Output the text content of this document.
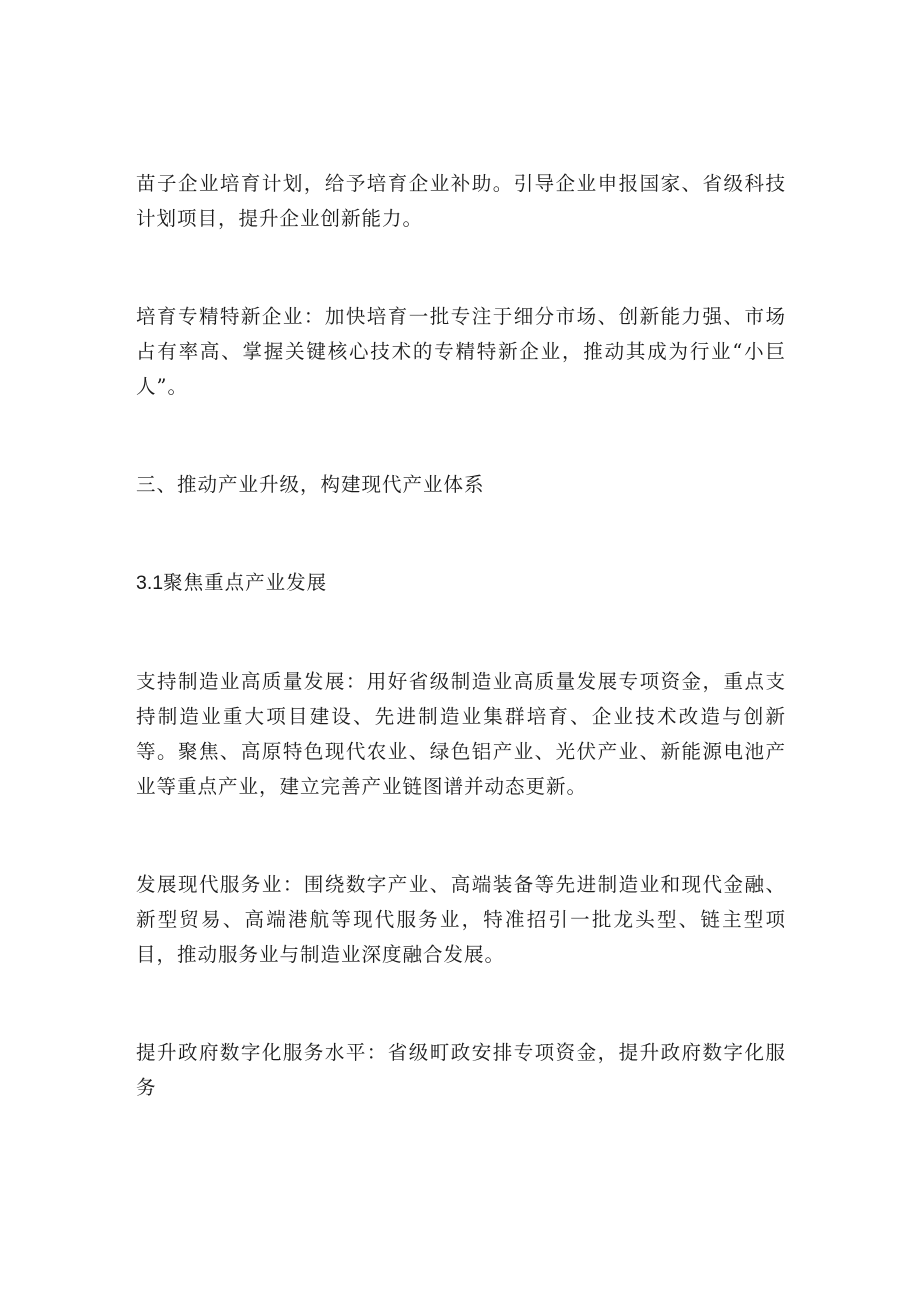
苗子企业培育计划，给予培育企业补助。引导企业申报国家、省级科技计划项目，提升企业创新能力。

培育专精特新企业：加快培育一批专注于细分市场、创新能力强、市场占有率高、掌握关键核心技术的专精特新企业，推动其成为行业“小巨人”。

三、推动产业升级，构建现代产业体系

3.1聚焦重点产业发展

支持制造业高质量发展：用好省级制造业高质量发展专项资金，重点支持制造业重大项目建设、先进制造业集群培育、企业技术改造与创新等。聚焦、高原特色现代农业、绿色铝产业、光伏产业、新能源电池产业等重点产业，建立完善产业链图谱并动态更新。

发展现代服务业：围绕数字产业、高端装备等先进制造业和现代金融、新型贸易、高端港航等现代服务业，特准招引一批龙头型、链主型项目，推动服务业与制造业深度融合发展。

提升政府数字化服务水平：省级町政安排专项资金，提升政府数字化服务
